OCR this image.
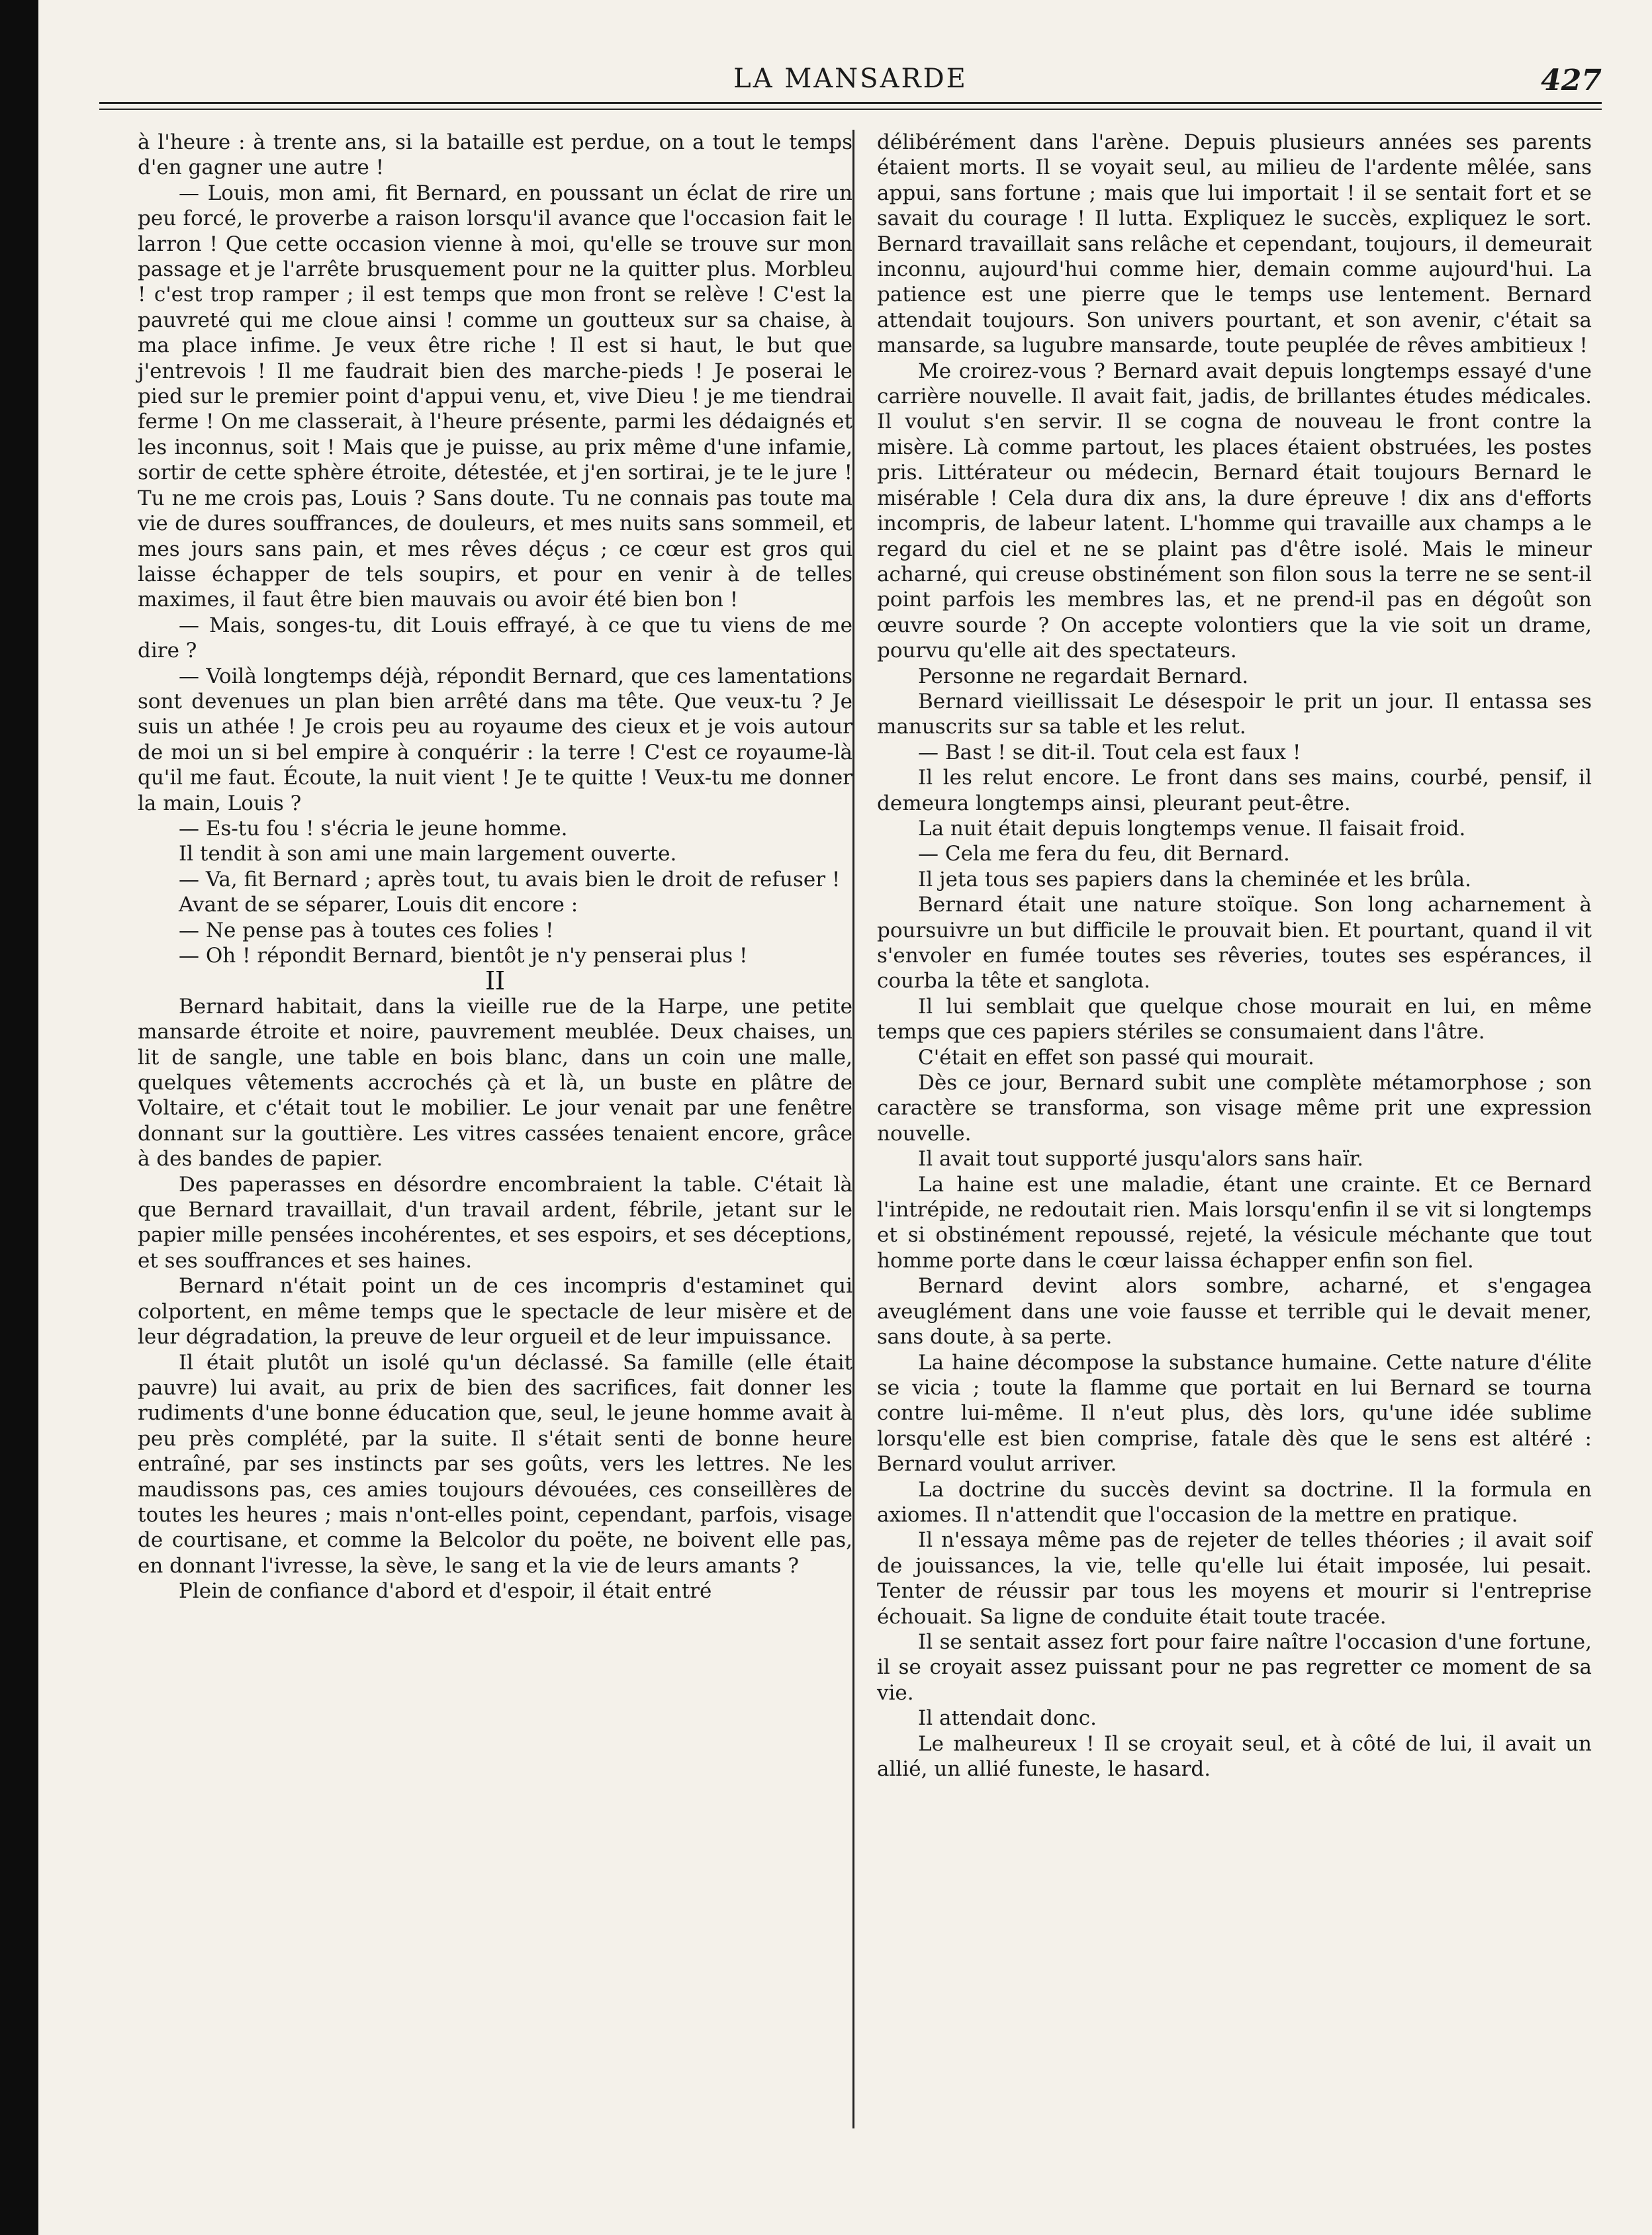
LA MANSARDE	427

à l'heure : à trente ans, si la bataille est perdue, on a tout le temps d'en gagner une autre !

— Louis, mon ami, fit Bernard, en poussant un éclat de rire un peu forcé, le proverbe a raison lorsqu'il avance que l'occasion fait le larron ! Que cette occasion vienne à moi, qu'elle se trouve sur mon passage et je l'arrête brusquement pour ne la quitter plus. Morbleu ! c'est trop ramper ; il est temps que mon front se relève ! C'est la pauvreté qui me cloue ainsi ! comme un goutteux sur sa chaise, à ma place infime. Je veux être riche ! Il est si haut, le but que j'entrevois ! Il me faudrait bien des marche-pieds ! Je poserai le pied sur le premier point d'appui venu, et, vive Dieu ! je me tiendrai ferme ! On me classerait, à l'heure présente, parmi les dédaignés et les inconnus, soit ! Mais que je puisse, au prix même d'une infamie, sortir de cette sphère étroite, détestée, et j'en sortirai, je te le jure ! Tu ne me crois pas, Louis ? Sans doute. Tu ne connais pas toute ma vie de dures souffrances, de douleurs, et mes nuits sans sommeil, et mes jours sans pain, et mes rêves déçus ; ce cœur est gros qui laisse échapper de tels soupirs, et pour en venir à de telles maximes, il faut être bien mauvais ou avoir été bien bon !

— Mais, songes-tu, dit Louis effrayé, à ce que tu viens de me dire ?

— Voilà longtemps déjà, répondit Bernard, que ces lamentations sont devenues un plan bien arrêté dans ma tête. Que veux-tu ? Je suis un athée ! Je crois peu au royaume des cieux et je vois autour de moi un si bel empire à conquérir : la terre ! C'est ce royaume-là qu'il me faut. Écoute, la nuit vient ! Je te quitte ! Veux-tu me donner la main, Louis ?

— Es-tu fou ! s'écria le jeune homme.

Il tendit à son ami une main largement ouverte.

— Va, fit Bernard ; après tout, tu avais bien le droit de refuser !

Avant de se séparer, Louis dit encore :

— Ne pense pas à toutes ces folies !

— Oh ! répondit Bernard, bientôt je n'y penserai plus !

II

Bernard habitait, dans la vieille rue de la Harpe, une petite mansarde étroite et noire, pauvrement meublée. Deux chaises, un lit de sangle, une table en bois blanc, dans un coin une malle, quelques vêtements accrochés çà et là, un buste en plâtre de Voltaire, et c'était tout le mobilier. Le jour venait par une fenêtre donnant sur la gouttière. Les vitres cassées tenaient encore, grâce à des bandes de papier.

Des paperasses en désordre encombraient la table. C'était là que Bernard travaillait, d'un travail ardent, fébrile, jetant sur le papier mille pensées incohérentes, et ses espoirs, et ses déceptions, et ses souffrances et ses haines.

Bernard n'était point un de ces incompris d'estaminet qui colportent, en même temps que le spectacle de leur misère et de leur dégradation, la preuve de leur orgueil et de leur impuissance.

Il était plutôt un isolé qu'un déclassé. Sa famille (elle était pauvre) lui avait, au prix de bien des sacrifices, fait donner les rudiments d'une bonne éducation que, seul, le jeune homme avait à peu près complété, par la suite. Il s'était senti de bonne heure entraîné, par ses instincts par ses goûts, vers les lettres. Ne les maudissons pas, ces amies toujours dévouées, ces conseillères de toutes les heures ; mais n'ont-elles point, cependant, parfois, visage de courtisane, et comme la Belcolor du poëte, ne boivent elle pas, en donnant l'ivresse, la sève, le sang et la vie de leurs amants ?

Plein de confiance d'abord et d'espoir, il était entré

délibérément dans l'arène. Depuis plusieurs années ses parents étaient morts. Il se voyait seul, au milieu de l'ardente mêlée, sans appui, sans fortune ; mais que lui importait ! il se sentait fort et se savait du courage ! Il lutta. Expliquez le succès, expliquez le sort. Bernard travaillait sans relâche et cependant, toujours, il demeurait inconnu, aujourd'hui comme hier, demain comme aujourd'hui. La patience est une pierre que le temps use lentement. Bernard attendait toujours. Son univers pourtant, et son avenir, c'était sa mansarde, sa lugubre mansarde, toute peuplée de rêves ambitieux !

Me croirez-vous ? Bernard avait depuis longtemps essayé d'une carrière nouvelle. Il avait fait, jadis, de brillantes études médicales. Il voulut s'en servir. Il se cogna de nouveau le front contre la misère. Là comme partout, les places étaient obstruées, les postes pris. Littérateur ou médecin, Bernard était toujours Bernard le misérable ! Cela dura dix ans, la dure épreuve ! dix ans d'efforts incompris, de labeur latent. L'homme qui travaille aux champs a le regard du ciel et ne se plaint pas d'être isolé. Mais le mineur acharné, qui creuse obstinément son filon sous la terre ne se sent-il point parfois les membres las, et ne prend-il pas en dégoût son œuvre sourde ? On accepte volontiers que la vie soit un drame, pourvu qu'elle ait des spectateurs.

Personne ne regardait Bernard.

Bernard vieillissait Le désespoir le prit un jour. Il entassa ses manuscrits sur sa table et les relut.

— Bast ! se dit-il. Tout cela est faux !

Il les relut encore. Le front dans ses mains, courbé, pensif, il demeura longtemps ainsi, pleurant peut-être.

La nuit était depuis longtemps venue. Il faisait froid.

— Cela me fera du feu, dit Bernard.

Il jeta tous ses papiers dans la cheminée et les brûla.

Bernard était une nature stoïque. Son long acharnement à poursuivre un but difficile le prouvait bien. Et pourtant, quand il vit s'envoler en fumée toutes ses rêveries, toutes ses espérances, il courba la tête et sanglota.

Il lui semblait que quelque chose mourait en lui, en même temps que ces papiers stériles se consumaient dans l'âtre.

C'était en effet son passé qui mourait.

Dès ce jour, Bernard subit une complète métamorphose ; son caractère se transforma, son visage même prit une expression nouvelle.

Il avait tout supporté jusqu'alors sans haïr.

La haine est une maladie, étant une crainte. Et ce Bernard l'intrépide, ne redoutait rien. Mais lorsqu'enfin il se vit si longtemps et si obstinément repoussé, rejeté, la vésicule méchante que tout homme porte dans le cœur laissa échapper enfin son fiel.

Bernard devint alors sombre, acharné, et s'engagea aveuglément dans une voie fausse et terrible qui le devait mener, sans doute, à sa perte.

La haine décompose la substance humaine. Cette nature d'élite se vicia ; toute la flamme que portait en lui Bernard se tourna contre lui-même. Il n'eut plus, dès lors, qu'une idée sublime lorsqu'elle est bien comprise, fatale dès que le sens est altéré : Bernard voulut arriver.

La doctrine du succès devint sa doctrine. Il la formula en axiomes. Il n'attendit que l'occasion de la mettre en pratique.

Il n'essaya même pas de rejeter de telles théories ; il avait soif de jouissances, la vie, telle qu'elle lui était imposée, lui pesait. Tenter de réussir par tous les moyens et mourir si l'entreprise échouait. Sa ligne de conduite était toute tracée.

Il se sentait assez fort pour faire naître l'occasion d'une fortune, il se croyait assez puissant pour ne pas regretter ce moment de sa vie.

Il attendait donc.

Le malheureux ! Il se croyait seul, et à côté de lui, il avait un allié, un allié funeste, le hasard.
